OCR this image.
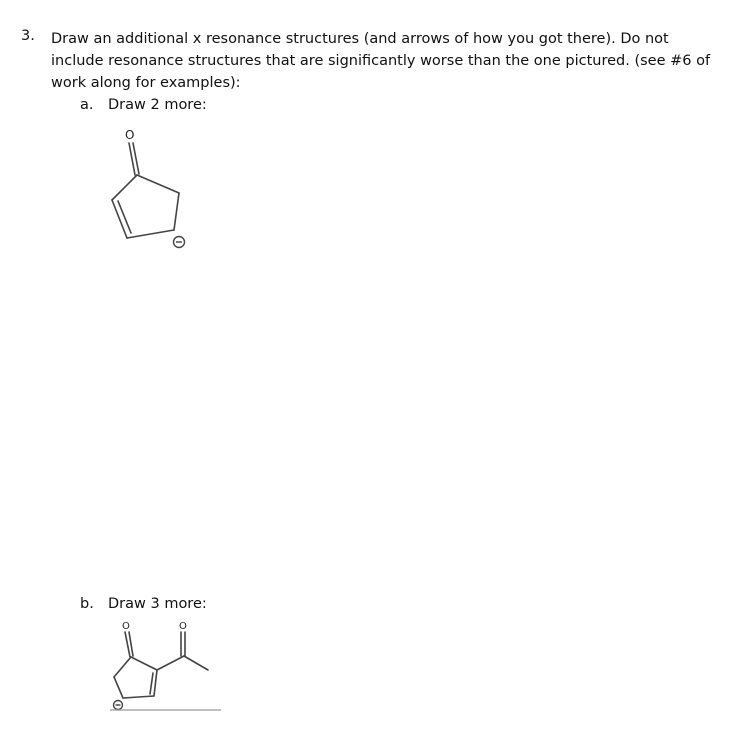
3. Draw an additional x resonance structures (and arrows of how you got there). Do not include resonance structures that are significantly worse than the one pictured. (see #6 of work along for examples):
a. Draw 2 more:
O
b. Draw 3 more:
O	O
